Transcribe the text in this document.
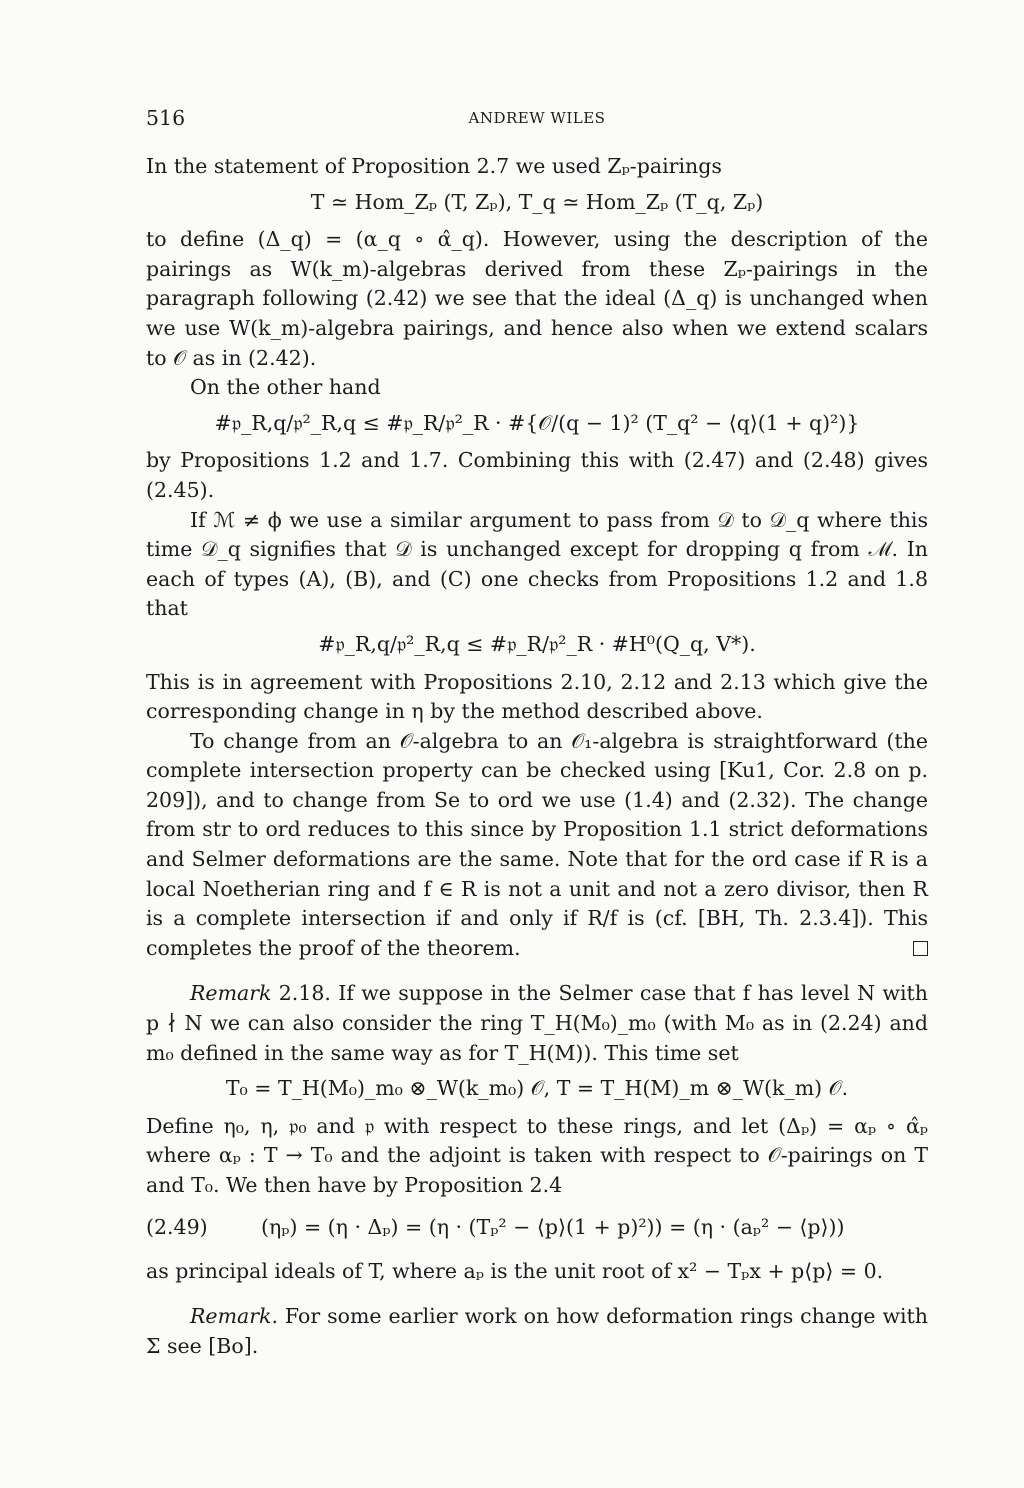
516	ANDREW WILES

In the statement of Proposition 2.7 we used Zₚ-pairings

T ≃ Hom_Zₚ (T, Zₚ), T_q ≃ Hom_Zₚ (T_q, Zₚ)

to define (Δ_q) = (α_q ∘ α̂_q). However, using the description of the pairings as W(k_m)-algebras derived from these Zₚ-pairings in the paragraph following (2.42) we see that the ideal (Δ_q) is unchanged when we use W(k_m)-algebra pairings, and hence also when we extend scalars to 𝒪 as in (2.42).

On the other hand

#𝔭_R,q/𝔭²_R,q ≤ #𝔭_R/𝔭²_R · #{𝒪/(q − 1)² (T_q² − ⟨q⟩(1 + q)²)}

by Propositions 1.2 and 1.7. Combining this with (2.47) and (2.48) gives (2.45).

If ℳ ≠ ϕ we use a similar argument to pass from 𝒟 to 𝒟_q where this time 𝒟_q signifies that 𝒟 is unchanged except for dropping q from ℳ. In each of types (A), (B), and (C) one checks from Propositions 1.2 and 1.8 that

#𝔭_R,q/𝔭²_R,q ≤ #𝔭_R/𝔭²_R · #H⁰(Q_q, V*).

This is in agreement with Propositions 2.10, 2.12 and 2.13 which give the corresponding change in η by the method described above.

To change from an 𝒪-algebra to an 𝒪₁-algebra is straightforward (the complete intersection property can be checked using [Ku1, Cor. 2.8 on p. 209]), and to change from Se to ord we use (1.4) and (2.32). The change from str to ord reduces to this since by Proposition 1.1 strict deformations and Selmer deformations are the same. Note that for the ord case if R is a local Noetherian ring and f ∈ R is not a unit and not a zero divisor, then R is a complete intersection if and only if R/f is (cf. [BH, Th. 2.3.4]). This completes the proof of the theorem.

Remark 2.18. If we suppose in the Selmer case that f has level N with p ∤ N we can also consider the ring T_H(M₀)_m₀ (with M₀ as in (2.24) and m₀ defined in the same way as for T_H(M)). This time set

T₀ = T_H(M₀)_m₀ ⊗_W(k_m₀) 𝒪, T = T_H(M)_m ⊗_W(k_m) 𝒪.

Define η₀, η, 𝔭₀ and 𝔭 with respect to these rings, and let (Δₚ) = αₚ ∘ α̂ₚ where αₚ : T → T₀ and the adjoint is taken with respect to 𝒪-pairings on T and T₀. We then have by Proposition 2.4

(2.49)	(ηₚ) = (η · Δₚ) = (η · (Tₚ² − ⟨p⟩(1 + p)²)) = (η · (aₚ² − ⟨p⟩))

as principal ideals of T, where aₚ is the unit root of x² − Tₚx + p⟨p⟩ = 0.

Remark. For some earlier work on how deformation rings change with Σ see [Bo].
